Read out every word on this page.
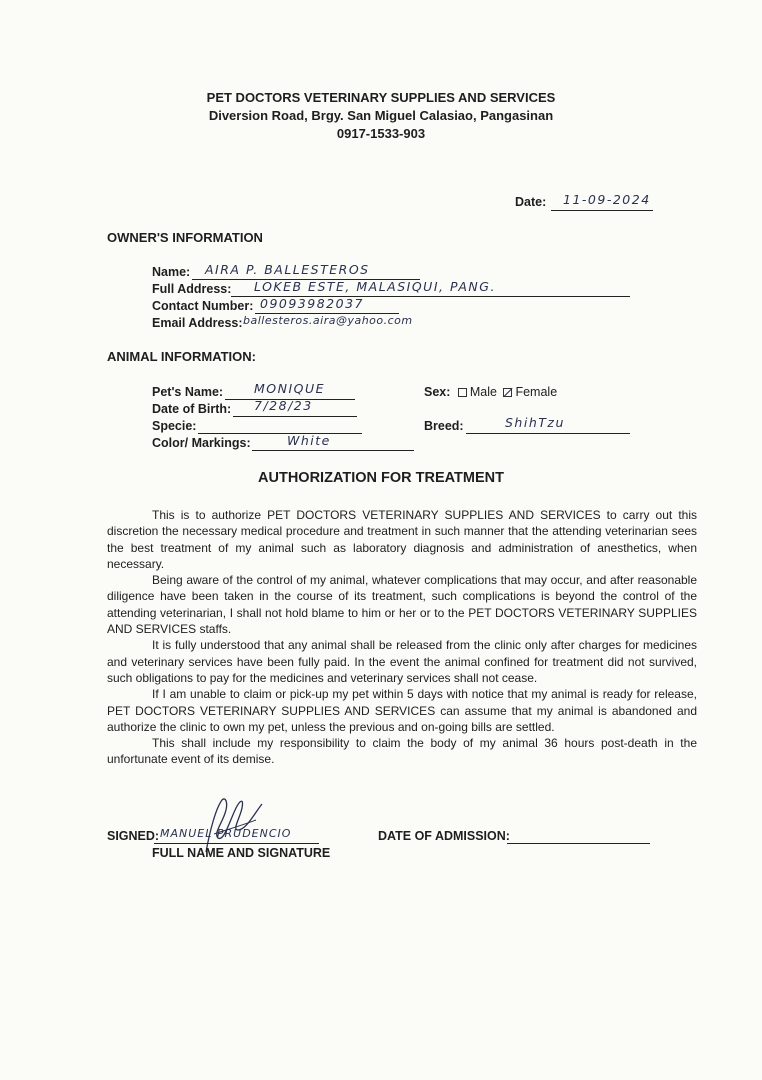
PET DOCTORS VETERINARY SUPPLIES AND SERVICES
Diversion Road, Brgy. San Miguel Calasiao, Pangasinan
0917-1533-903
Date: 11-09-2024
OWNER'S INFORMATION
Name: AIRA P. BALLESTEROS
Full Address: LOKEB ESTE, MALASIQUI, PANG.
Contact Number: 09093982037
Email Address: ballesteros.aira@yahoo.com
ANIMAL INFORMATION:
Pet's Name: MONIQUE
Date of Birth: 7/28/23
Specie:
Color/ Markings:	White
Sex: Male Female
Breed:	ShihTzu
AUTHORIZATION FOR TREATMENT

This is to authorize PET DOCTORS VETERINARY SUPPLIES AND SERVICES to carry out this discretion the necessary medical procedure and treatment in such manner that the attending veterinarian sees the best treatment of my animal such as laboratory diagnosis and administration of anesthetics, when necessary.

Being aware of the control of my animal, whatever complications that may occur, and after reasonable diligence have been taken in the course of its treatment, such complications is beyond the control of the attending veterinarian, I shall not hold blame to him or her or to the PET DOCTORS VETERINARY SUPPLIES AND SERVICES staffs.

It is fully understood that any animal shall be released from the clinic only after charges for medicines and veterinary services have been fully paid. In the event the animal confined for treatment did not survived, such obligations to pay for the medicines and veterinary services shall not cease.

If I am unable to claim or pick-up my pet within 5 days with notice that my animal is ready for release, PET DOCTORS VETERINARY SUPPLIES AND SERVICES can assume that my animal is abandoned and authorize the clinic to own my pet, unless the previous and on-going bills are settled.

This shall include my responsibility to claim the body of my animal 36 hours post-death in the unfortunate event of its demise.

SIGNED: MANUEL PRUDENCIO
FULL NAME AND SIGNATURE
DATE OF ADMISSION:
